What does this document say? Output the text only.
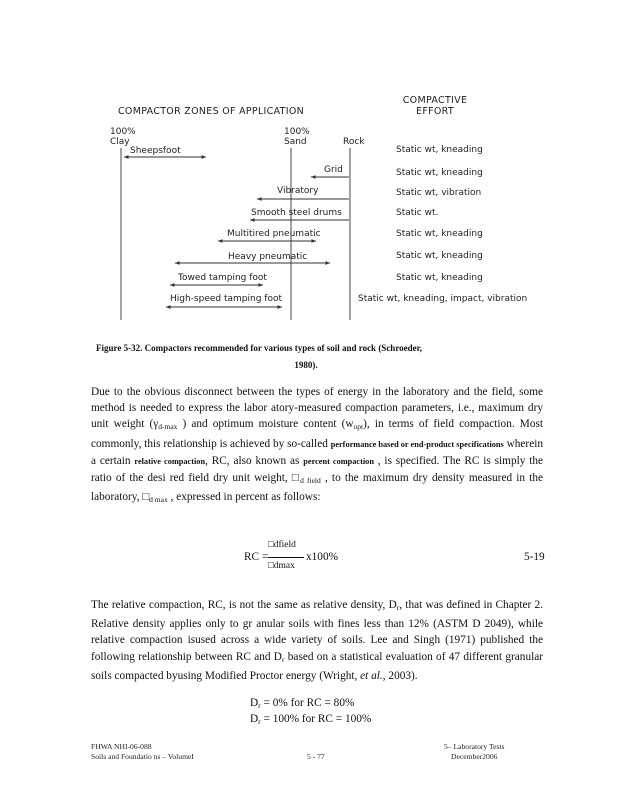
COMPACTOR ZONES OF APPLICATION
COMPACTIVE
EFFORT
100%
Clay
100%
Sand	Rock
Sheepsfoot	Static wt, kneading
Grid	Static wt, kneading
Vibratory	Static wt, vibration
Smooth steel drums	Static wt.
Multitired pneumatic	Static wt, kneading
Heavy pneumatic	Static wt, kneading
Towed tamping foot	Static wt, kneading
High-speed tamping foot	Static wt, kneading, impact, vibration
Figure 5-32. Compactors recommended for various types of soil and rock (Schroeder,
1980).
Due to the obvious disconnect between the types of energy in the laboratory and the field, some method is needed to express the labor atory-measured compaction parameters, i.e., maximum dry unit weight ($\gamma_{d-max}$ ) and optimum moisture content $(w_{opt})$, in terms of field compaction. Most commonly, this relationship is achieved by so-called performance based or end-product specifications wherein a certain relative compaction, RC, also known as percent compaction , is specified. The RC is simply the ratio of the desi red field dry unit weight, $□_{d field}$ , to the maximum dry density measured in the laboratory, $□_{d max}$ , expressed in percent as follows:
RC =
□dfield
□dmax
x100%	5-19
The relative compaction, RC, is not the same as relative density, $D_r$, that was defined in Chapter 2. Relative density applies only to gr anular soils with fines less than 12% (ASTM D 2049), while relative compaction isused across a wide variety of soils. Lee and Singh (1971) published the following relationship between RC and $D_r$ based on a statistical evaluation of 47 different granular soils compacted byusing Modified Proctor energy (Wright, et al., 2003).
$D_r = 0\%$ for RC = 80%
$D_r = 100\%$ for RC = 100%
FHWA NHI-06-088
Soils and Foundatio ns – VolumeI	5 - 77
5– Laboratory Tests
December2006
